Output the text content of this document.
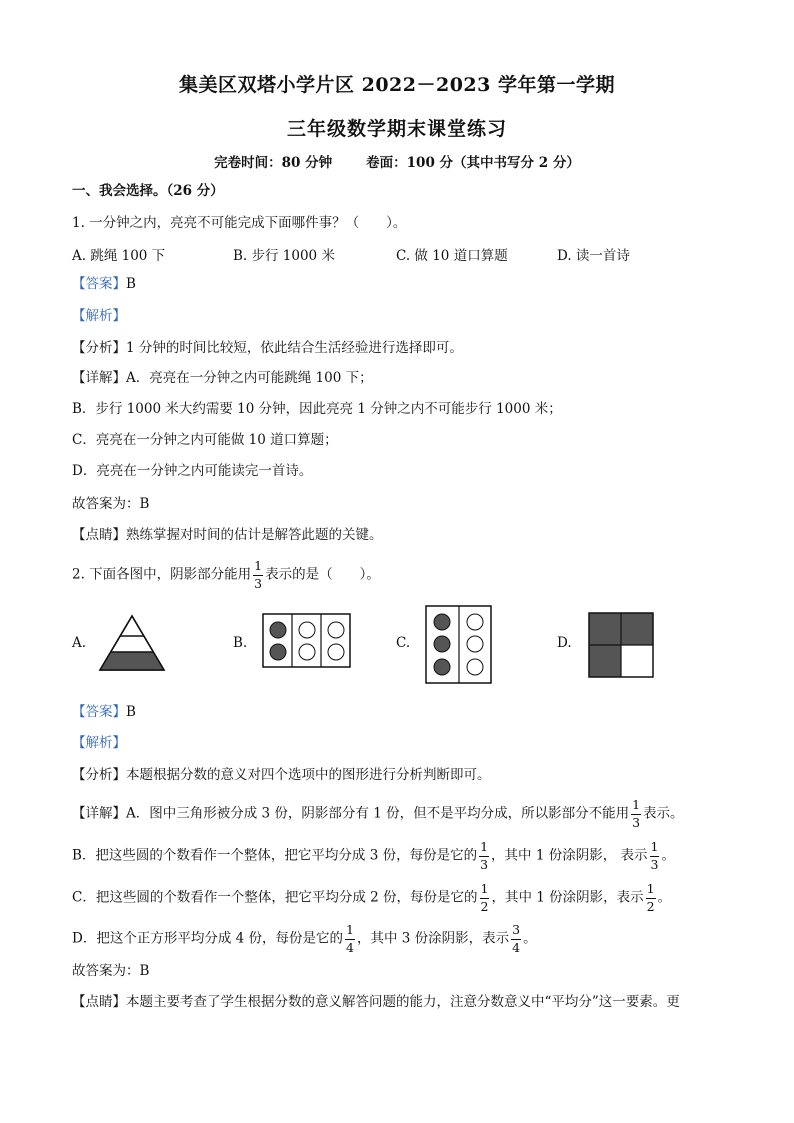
集美区双塔小学片区 2022－2023 学年第一学期
三年级数学期末课堂练习
完卷时间：80 分钟	卷面：100 分（其中书写分 2 分）
一、我会选择。（26 分）
1. 一分钟之内，亮亮不可能完成下面哪件事？（　　）。
A. 跳绳 100 下	B. 步行 1000 米	C. 做 10 道口算题	D. 读一首诗
【答案】B
【解析】
【分析】1 分钟的时间比较短，依此结合生活经验进行选择即可。
【详解】A．亮亮在一分钟之内可能跳绳 100 下；
B．步行 1000 米大约需要 10 分钟，因此亮亮 1 分钟之内不可能步行 1000 米；
C．亮亮在一分钟之内可能做 10 道口算题；
D．亮亮在一分钟之内可能读完一首诗。
故答案为：B
【点睛】熟练掌握对时间的估计是解答此题的关键。
2. 下面各图中，阴影部分能用 $\frac{1}{3}$ 表示的是（　　）。
A.	B.	C.	D.
【答案】B
【解析】
【分析】本题根据分数的意义对四个选项中的图形进行分析判断即可。
【详解】A．图中三角形被分成 3 份，阴影部分有 1 份，但不是平均分成，所以影部分不能用 $\frac{1}{3}$ 表示。
B．把这些圆的个数看作一个整体，把它平均分成 3 份，每份是它的 $\frac{1}{3}$ ，其中 1 份涂阴影， 表示 $\frac{1}{3}$ 。
C．把这些圆的个数看作一个整体，把它平均分成 2 份，每份是它的 $\frac{1}{2}$ ，其中 1 份涂阴影，表示 $\frac{1}{2}$ 。
D．把这个正方形平均分成 4 份，每份是它的 $\frac{1}{4}$ ，其中 3 份涂阴影，表示 $\frac{3}{4}$ 。
故答案为：B
【点睛】本题主要考查了学生根据分数的意义解答问题的能力，注意分数意义中“平均分”这一要素。更
